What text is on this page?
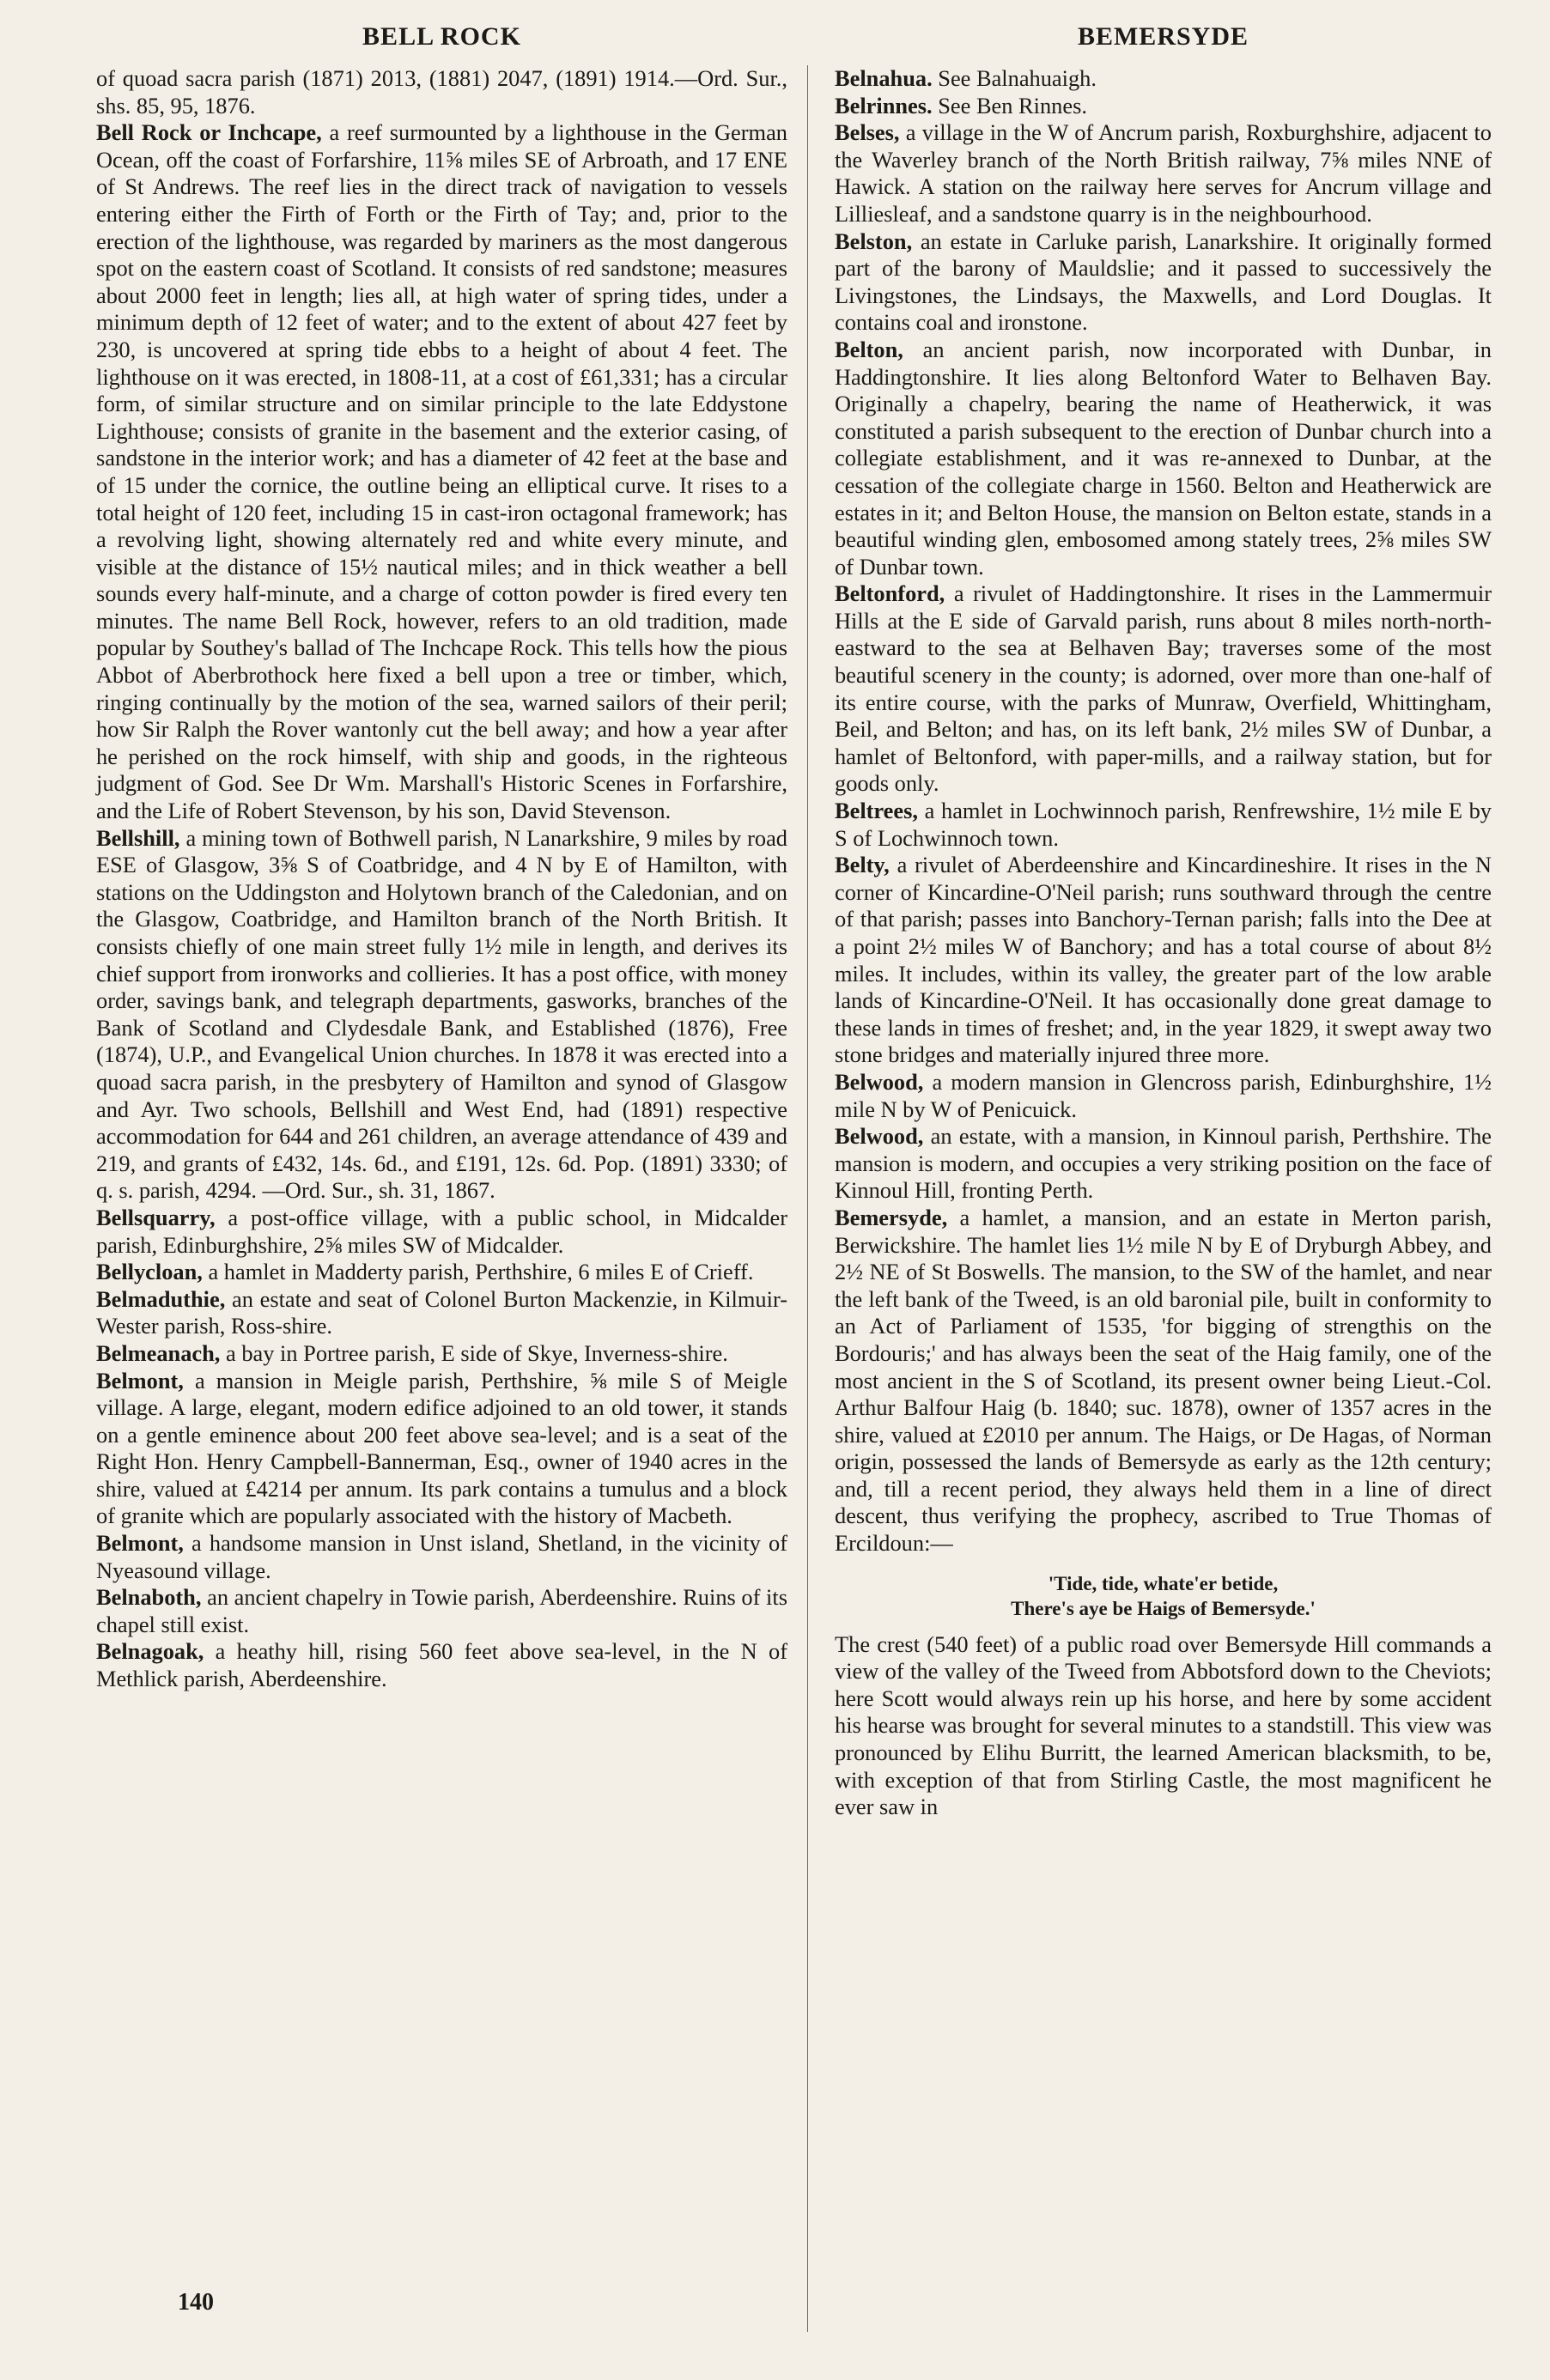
BELL ROCK	BEMERSYDE

of quoad sacra parish (1871) 2013, (1881) 2047, (1891) 1914.—Ord. Sur., shs. 85, 95, 1876.

Bell Rock or Inchcape, a reef surmounted by a lighthouse in the German Ocean, off the coast of Forfarshire, 11⅝ miles SE of Arbroath, and 17 ENE of St Andrews. The reef lies in the direct track of navigation to vessels entering either the Firth of Forth or the Firth of Tay; and, prior to the erection of the lighthouse, was regarded by mariners as the most dangerous spot on the eastern coast of Scotland. It consists of red sandstone; measures about 2000 feet in length; lies all, at high water of spring tides, under a minimum depth of 12 feet of water; and to the extent of about 427 feet by 230, is uncovered at spring tide ebbs to a height of about 4 feet. The lighthouse on it was erected, in 1808-11, at a cost of £61,331; has a circular form, of similar structure and on similar principle to the late Eddystone Lighthouse; consists of granite in the basement and the exterior casing, of sandstone in the interior work; and has a diameter of 42 feet at the base and of 15 under the cornice, the outline being an elliptical curve. It rises to a total height of 120 feet, including 15 in cast-iron octagonal framework; has a revolving light, showing alternately red and white every minute, and visible at the distance of 15½ nautical miles; and in thick weather a bell sounds every half-minute, and a charge of cotton powder is fired every ten minutes. The name Bell Rock, however, refers to an old tradition, made popular by Southey's ballad of The Inchcape Rock. This tells how the pious Abbot of Aberbrothock here fixed a bell upon a tree or timber, which, ringing continually by the motion of the sea, warned sailors of their peril; how Sir Ralph the Rover wantonly cut the bell away; and how a year after he perished on the rock himself, with ship and goods, in the righteous judgment of God. See Dr Wm. Marshall's Historic Scenes in Forfarshire, and the Life of Robert Stevenson, by his son, David Stevenson.

Bellshill, a mining town of Bothwell parish, N Lanarkshire, 9 miles by road ESE of Glasgow, 3⅝ S of Coatbridge, and 4 N by E of Hamilton, with stations on the Uddingston and Holytown branch of the Caledonian, and on the Glasgow, Coatbridge, and Hamilton branch of the North British. It consists chiefly of one main street fully 1½ mile in length, and derives its chief support from ironworks and collieries. It has a post office, with money order, savings bank, and telegraph departments, gasworks, branches of the Bank of Scotland and Clydesdale Bank, and Established (1876), Free (1874), U.P., and Evangelical Union churches. In 1878 it was erected into a quoad sacra parish, in the presbytery of Hamilton and synod of Glasgow and Ayr. Two schools, Bellshill and West End, had (1891) respective accommodation for 644 and 261 children, an average attendance of 439 and 219, and grants of £432, 14s. 6d., and £191, 12s. 6d. Pop. (1891) 3330; of q. s. parish, 4294. —Ord. Sur., sh. 31, 1867.

Bellsquarry, a post-office village, with a public school, in Midcalder parish, Edinburghshire, 2⅝ miles SW of Midcalder.

Bellycloan, a hamlet in Madderty parish, Perthshire, 6 miles E of Crieff.

Belmaduthie, an estate and seat of Colonel Burton Mackenzie, in Kilmuir-Wester parish, Ross-shire.

Belmeanach, a bay in Portree parish, E side of Skye, Inverness-shire.

Belmont, a mansion in Meigle parish, Perthshire, ⅝ mile S of Meigle village. A large, elegant, modern edifice adjoined to an old tower, it stands on a gentle eminence about 200 feet above sea-level; and is a seat of the Right Hon. Henry Campbell-Bannerman, Esq., owner of 1940 acres in the shire, valued at £4214 per annum. Its park contains a tumulus and a block of granite which are popularly associated with the history of Macbeth.

Belmont, a handsome mansion in Unst island, Shetland, in the vicinity of Nyeasound village.

Belnaboth, an ancient chapelry in Towie parish, Aberdeenshire. Ruins of its chapel still exist.

Belnagoak, a heathy hill, rising 560 feet above sea-level, in the N of Methlick parish, Aberdeenshire.

Belnahua. See Balnahuaigh.

Belrinnes. See Ben Rinnes.

Belses, a village in the W of Ancrum parish, Roxburghshire, adjacent to the Waverley branch of the North British railway, 7⅝ miles NNE of Hawick. A station on the railway here serves for Ancrum village and Lilliesleaf, and a sandstone quarry is in the neighbourhood.

Belston, an estate in Carluke parish, Lanarkshire. It originally formed part of the barony of Mauldslie; and it passed to successively the Livingstones, the Lindsays, the Maxwells, and Lord Douglas. It contains coal and ironstone.

Belton, an ancient parish, now incorporated with Dunbar, in Haddingtonshire. It lies along Beltonford Water to Belhaven Bay. Originally a chapelry, bearing the name of Heatherwick, it was constituted a parish subsequent to the erection of Dunbar church into a collegiate establishment, and it was re-annexed to Dunbar, at the cessation of the collegiate charge in 1560. Belton and Heatherwick are estates in it; and Belton House, the mansion on Belton estate, stands in a beautiful winding glen, embosomed among stately trees, 2⅝ miles SW of Dunbar town.

Beltonford, a rivulet of Haddingtonshire. It rises in the Lammermuir Hills at the E side of Garvald parish, runs about 8 miles north-north-eastward to the sea at Belhaven Bay; traverses some of the most beautiful scenery in the county; is adorned, over more than one-half of its entire course, with the parks of Munraw, Overfield, Whittingham, Beil, and Belton; and has, on its left bank, 2½ miles SW of Dunbar, a hamlet of Beltonford, with paper-mills, and a railway station, but for goods only.

Beltrees, a hamlet in Lochwinnoch parish, Renfrewshire, 1½ mile E by S of Lochwinnoch town.

Belty, a rivulet of Aberdeenshire and Kincardineshire. It rises in the N corner of Kincardine-O'Neil parish; runs southward through the centre of that parish; passes into Banchory-Ternan parish; falls into the Dee at a point 2½ miles W of Banchory; and has a total course of about 8½ miles. It includes, within its valley, the greater part of the low arable lands of Kincardine-O'Neil. It has occasionally done great damage to these lands in times of freshet; and, in the year 1829, it swept away two stone bridges and materially injured three more.

Belwood, a modern mansion in Glencross parish, Edinburghshire, 1½ mile N by W of Penicuick.

Belwood, an estate, with a mansion, in Kinnoul parish, Perthshire. The mansion is modern, and occupies a very striking position on the face of Kinnoul Hill, fronting Perth.

Bemersyde, a hamlet, a mansion, and an estate in Merton parish, Berwickshire. The hamlet lies 1½ mile N by E of Dryburgh Abbey, and 2½ NE of St Boswells. The mansion, to the SW of the hamlet, and near the left bank of the Tweed, is an old baronial pile, built in conformity to an Act of Parliament of 1535, 'for bigging of strengthis on the Bordouris;' and has always been the seat of the Haig family, one of the most ancient in the S of Scotland, its present owner being Lieut.-Col. Arthur Balfour Haig (b. 1840; suc. 1878), owner of 1357 acres in the shire, valued at £2010 per annum. The Haigs, or De Hagas, of Norman origin, possessed the lands of Bemersyde as early as the 12th century; and, till a recent period, they always held them in a line of direct descent, thus verifying the prophecy, ascribed to True Thomas of Ercildoun:—

'Tide, tide, whate'er betide,
There's aye be Haigs of Bemersyde.'

The crest (540 feet) of a public road over Bemersyde Hill commands a view of the valley of the Tweed from Abbotsford down to the Cheviots; here Scott would always rein up his horse, and here by some accident his hearse was brought for several minutes to a standstill. This view was pronounced by Elihu Burritt, the learned American blacksmith, to be, with exception of that from Stirling Castle, the most magnificent he ever saw in

140
